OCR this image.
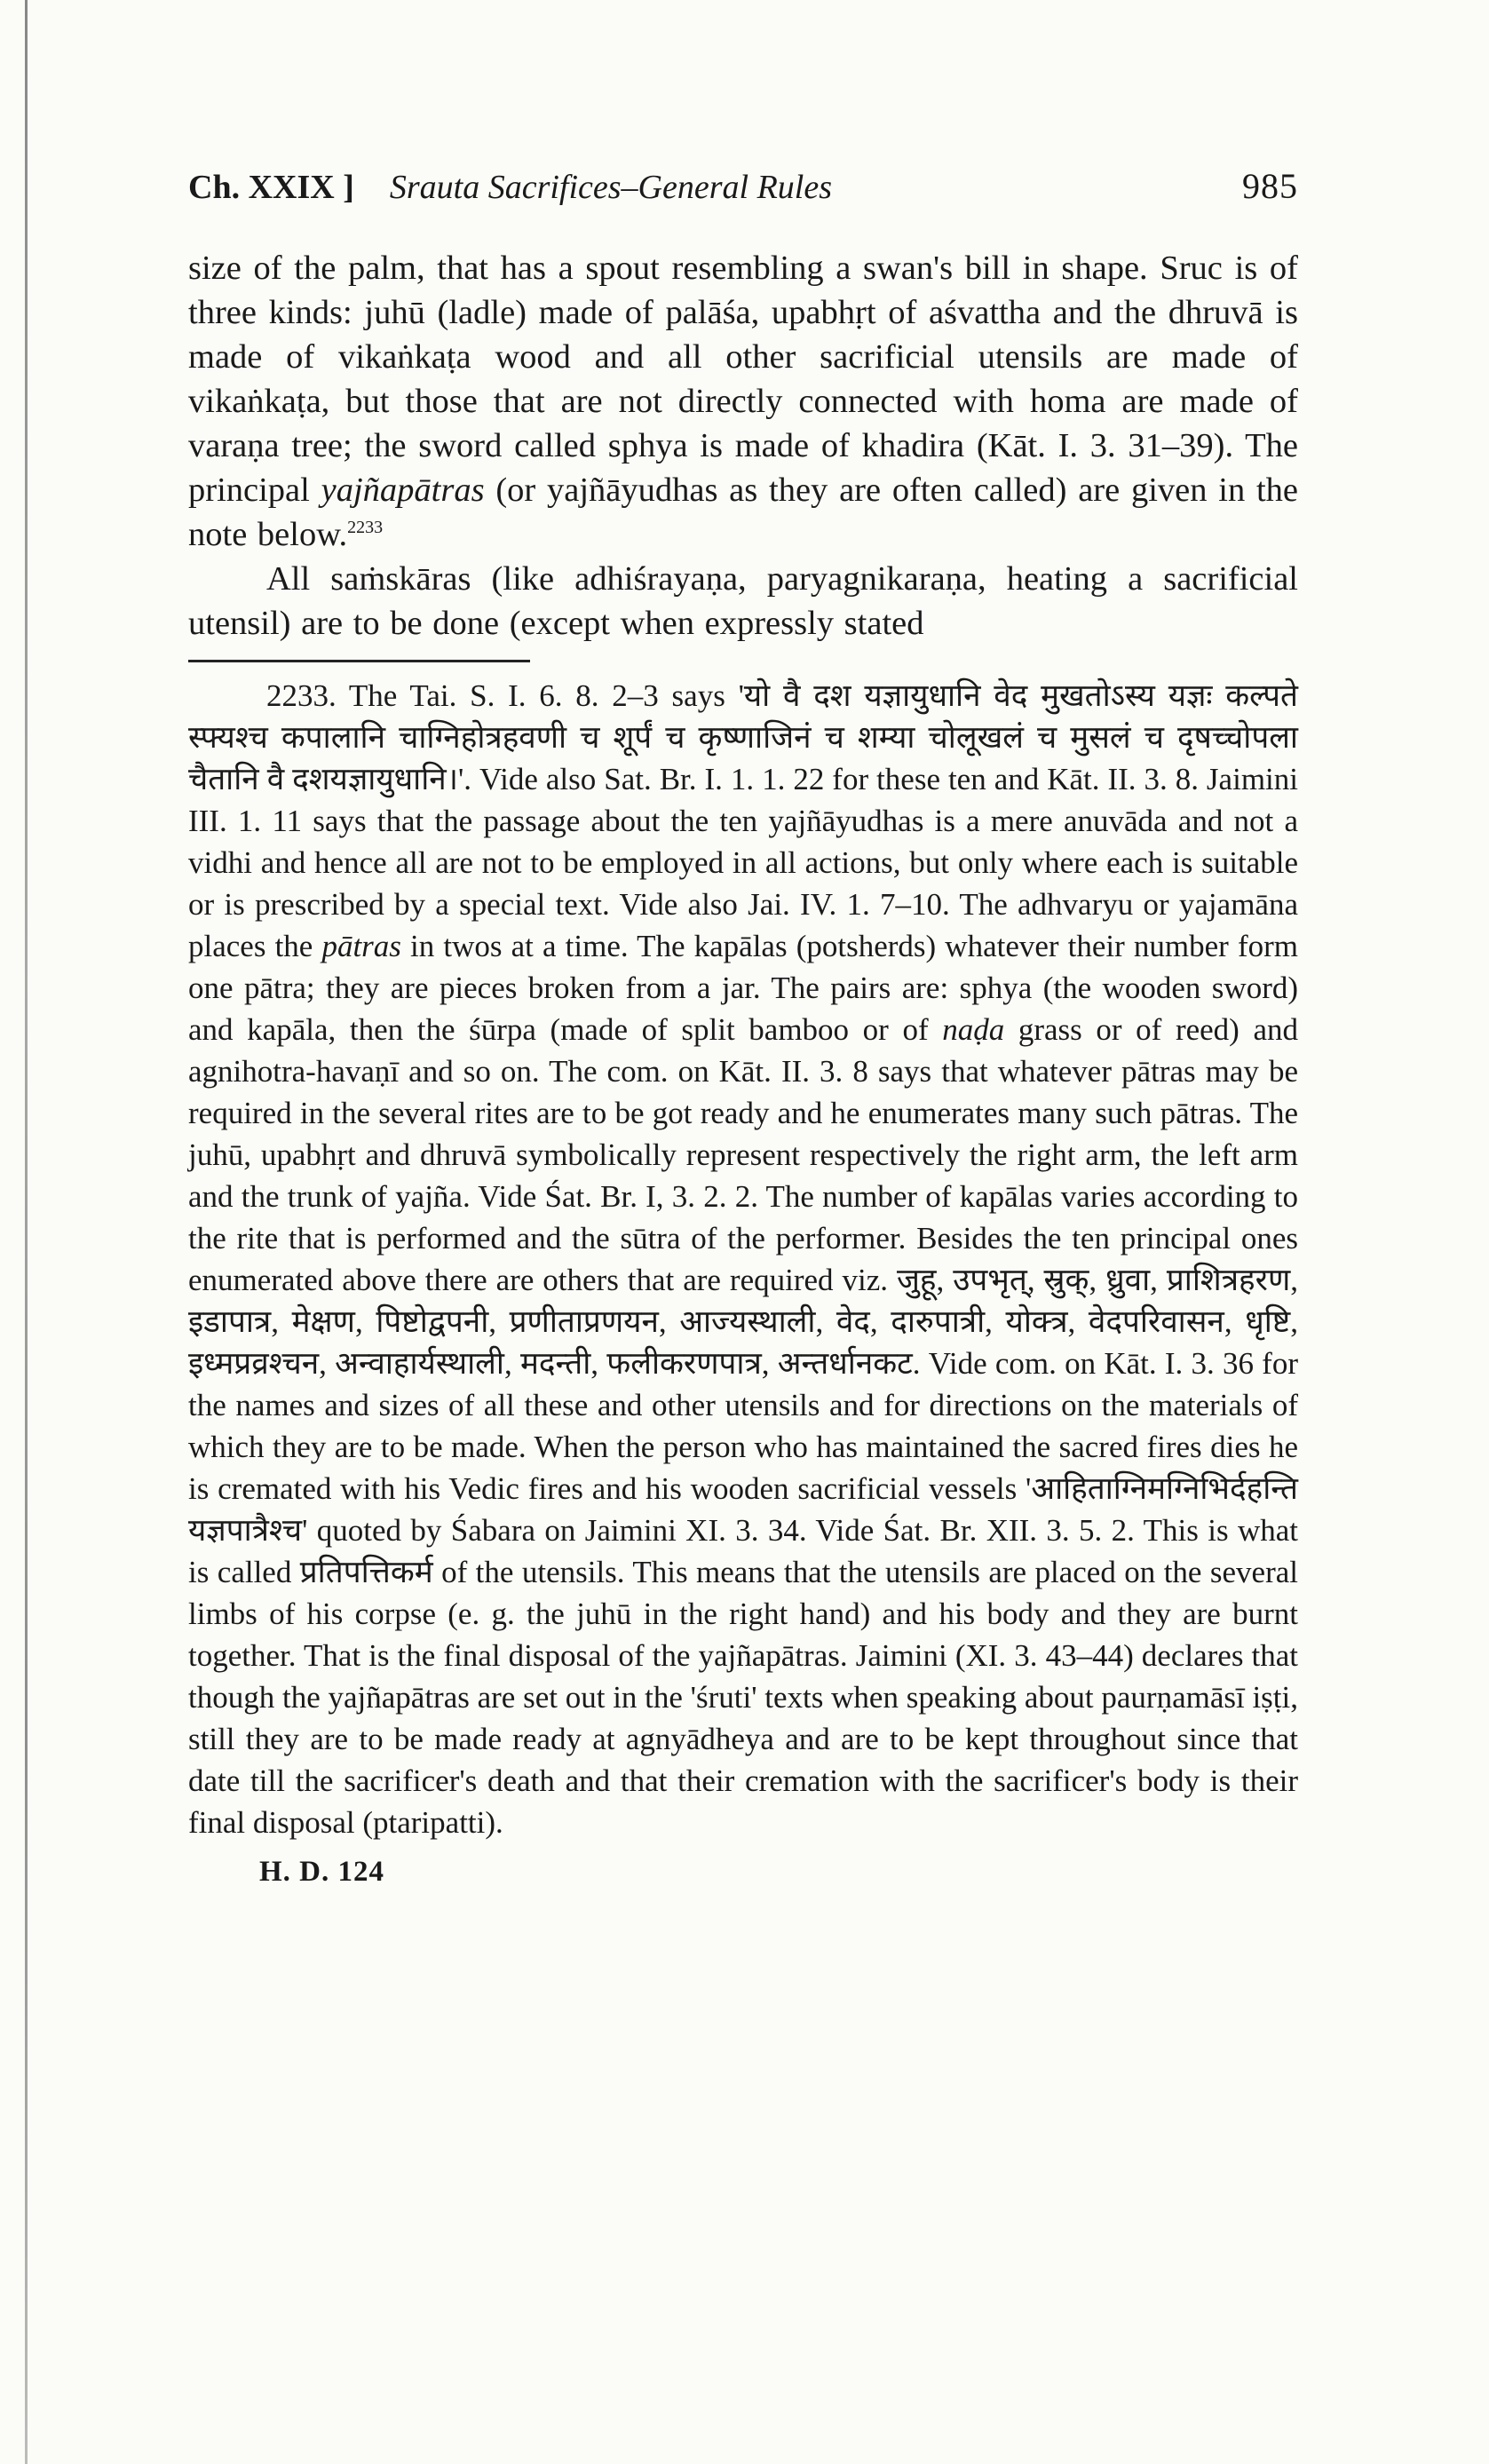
Ch. XXIX ] Srauta Sacrifices–General Rules	985

size of the palm, that has a spout resembling a swan's bill in shape. Sruc is of three kinds: juhū (ladle) made of palāśa, upabhṛt of aśvattha and the dhruvā is made of vikaṅkaṭa wood and all other sacrificial utensils are made of vikaṅkaṭa, but those that are not directly connected with homa are made of varaṇa tree; the sword called sphya is made of khadira (Kāt. I. 3. 31–39). The principal yajñapātras (or yajñāyudhas as they are often called) are given in the note below.$^{2233}$

All saṁskāras (like adhiśrayaṇa, paryagnikaraṇa, heating a sacrificial utensil) are to be done (except when expressly stated

2233. The Tai. S. I. 6. 8. 2–3 says 'यो वै दश यज्ञायुधानि वेद मुखतोऽस्य यज्ञः कल्पते स्फ्यश्च कपालानि चाग्निहोत्रहवणी च शूर्पं च कृष्णाजिनं च शम्या चोलूखलं च मुसलं च दृषच्चोपला चैतानि वै दशयज्ञायुधानि।'. Vide also Sat. Br. I. 1. 1. 22 for these ten and Kāt. II. 3. 8. Jaimini III. 1. 11 says that the passage about the ten yajñāyudhas is a mere anuvāda and not a vidhi and hence all are not to be employed in all actions, but only where each is suitable or is prescribed by a special text. Vide also Jai. IV. 1. 7–10. The adhvaryu or yajamāna places the pātras in twos at a time. The kapālas (potsherds) whatever their number form one pātra; they are pieces broken from a jar. The pairs are: sphya (the wooden sword) and kapāla, then the śūrpa (made of split bamboo or of naḍa grass or of reed) and agnihotra-havaṇī and so on. The com. on Kāt. II. 3. 8 says that whatever pātras may be required in the several rites are to be got ready and he enumerates many such pātras. The juhū, upabhṛt and dhruvā symbolically represent respectively the right arm, the left arm and the trunk of yajña. Vide Śat. Br. I, 3. 2. 2. The number of kapālas varies according to the rite that is performed and the sūtra of the performer. Besides the ten principal ones enumerated above there are others that are required viz. जुहू, उपभृत्, स्रुक्, ध्रुवा, प्राशित्रहरण, इडापात्र, मेक्षण, पिष्टोद्वपनी, प्रणीताप्रणयन, आज्यस्थाली, वेद, दारुपात्री, योक्त्र, वेदपरिवासन, धृष्टि, इध्मप्रव्रश्चन, अन्वाहार्यस्थाली, मदन्ती, फलीकरणपात्र, अन्तर्धानकट. Vide com. on Kāt. I. 3. 36 for the names and sizes of all these and other utensils and for directions on the materials of which they are to be made. When the person who has maintained the sacred fires dies he is cremated with his Vedic fires and his wooden sacrificial vessels 'आहिताग्निमग्निभिर्दहन्ति यज्ञपात्रैश्च' quoted by Śabara on Jaimini XI. 3. 34. Vide Śat. Br. XII. 3. 5. 2. This is what is called प्रतिपत्तिकर्म of the utensils. This means that the utensils are placed on the several limbs of his corpse (e. g. the juhū in the right hand) and his body and they are burnt together. That is the final disposal of the yajñapātras. Jaimini (XI. 3. 43–44) declares that though the yajñapātras are set out in the 'śruti' texts when speaking about paurṇamāsī iṣṭi, still they are to be made ready at agnyādheya and are to be kept throughout since that date till the sacrificer's death and that their cremation with the sacrificer's body is their final disposal (ptaripatti).

H. D. 124
